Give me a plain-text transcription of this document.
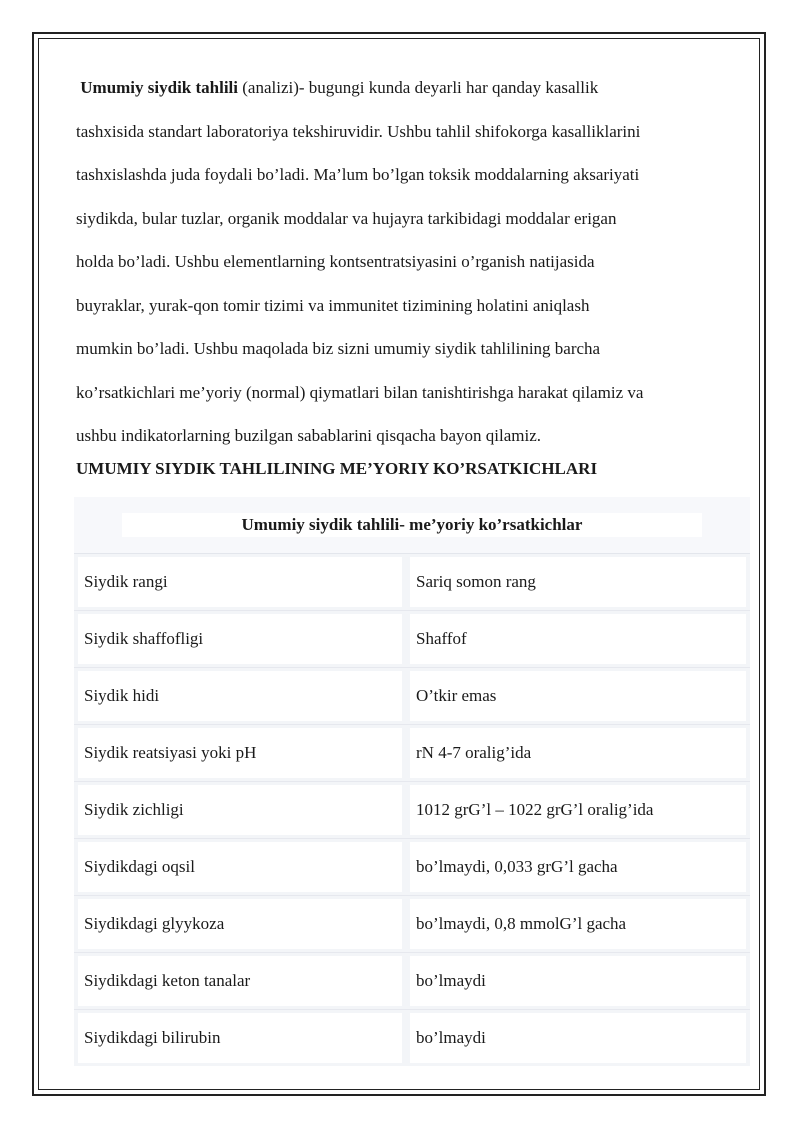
Umumiy siydik tahlili (analizi)- bugungi kunda deyarli har qanday kasallik
tashxisida standart laboratoriya tekshiruvidir. Ushbu tahlil shifokorga kasalliklarini
tashxislashda juda foydali bo’ladi. Ma’lum bo’lgan toksik moddalarning aksariyati
siydikda, bular tuzlar, organik moddalar va hujayra tarkibidagi moddalar erigan
holda bo’ladi. Ushbu elementlarning kontsentratsiyasini o’rganish natijasida
buyraklar, yurak-qon tomir tizimi va immunitet tizimining holatini aniqlash
mumkin bo’ladi. Ushbu maqolada biz sizni umumiy siydik tahlilining barcha
ko’rsatkichlari me’yoriy (normal) qiymatlari bilan tanishtirishga harakat qilamiz va
ushbu indikatorlarning buzilgan sabablarini qisqacha bayon qilamiz.

UMUMIY SIYDIK TAHLILINING ME’YORIY KO’RSATKICHLARI
Umumiy siydik tahlili- me’yoriy ko’rsatkichlar
Siydik rangi	Sariq somon rang
Siydik shaffofligi	Shaffof
Siydik hidi	O’tkir emas
Siydik reatsiyasi yoki pH	rN 4-7 oralig’ida
Siydik zichligi	1012 grG’l – 1022 grG’l oralig’ida
Siydikdagi oqsil	bo’lmaydi, 0,033 grG’l gacha
Siydikdagi glyykoza	bo’lmaydi, 0,8 mmolG’l gacha
Siydikdagi keton tanalar	bo’lmaydi
Siydikdagi bilirubin	bo’lmaydi
